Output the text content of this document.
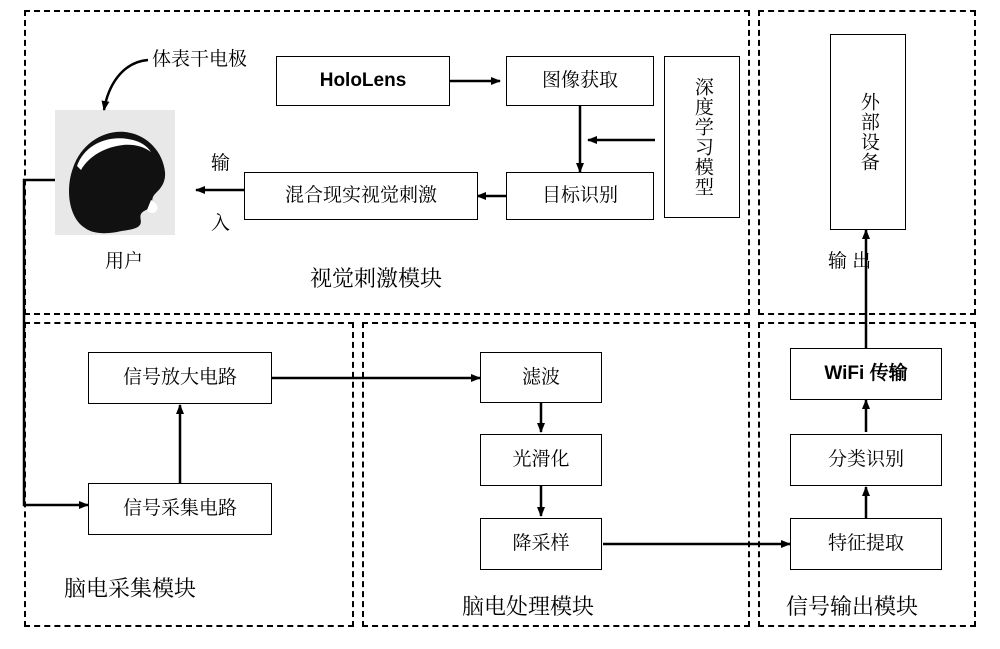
体表干电极
HoloLens	图像获取	深度学习模型
目标识别
混合现实视觉刺激
输
入
用户
视觉刺激模块
外部设备
输 出
信号放大电路
信号采集电路
脑电采集模块
滤波
光滑化
降采样
脑电处理模块
特征提取
分类识别
WiFi 传输
信号输出模块
